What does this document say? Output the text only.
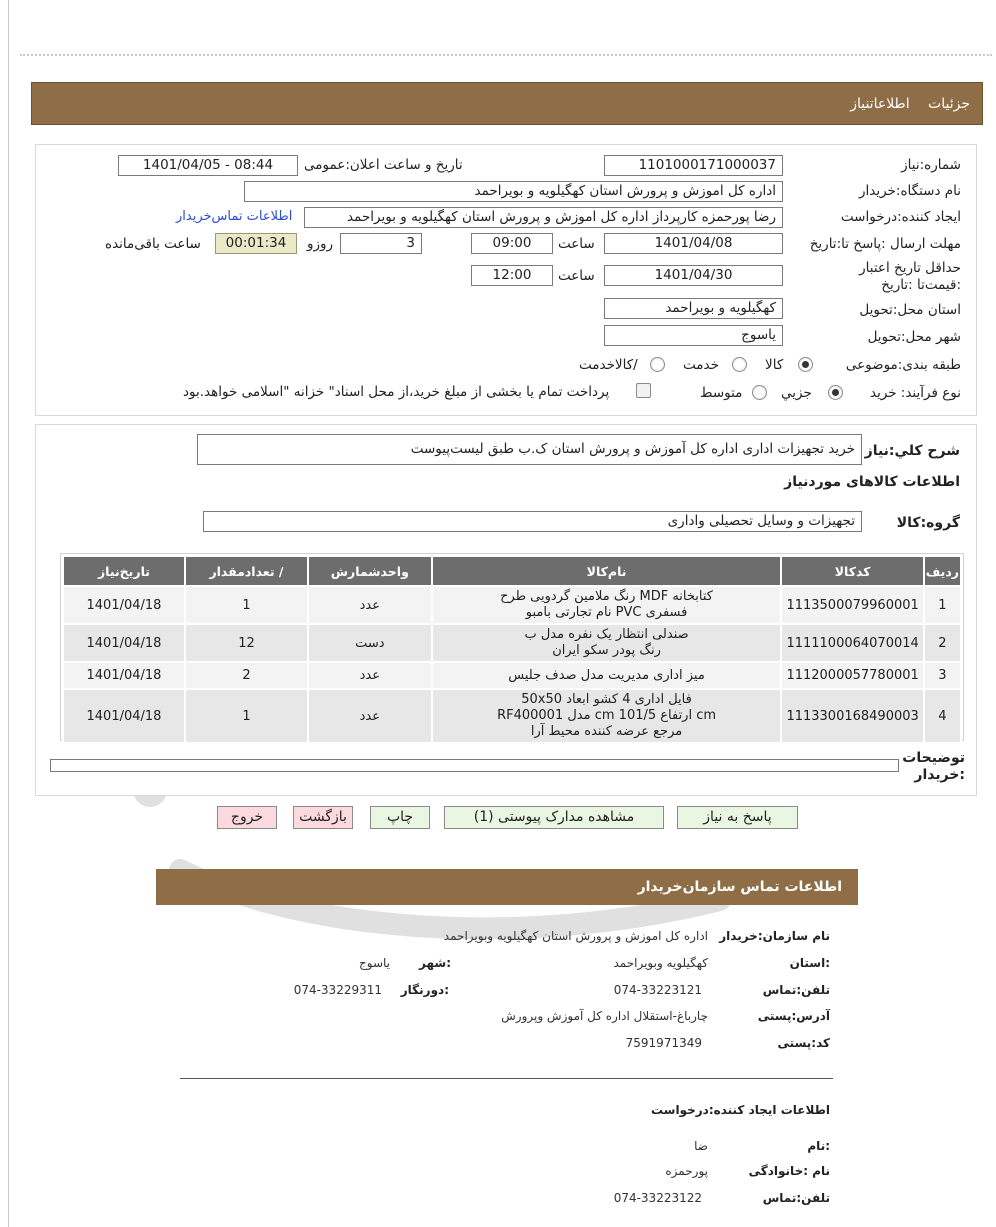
جزئیات اطلاعاتنیاز
شماره:نیاز
1101000171000037
تاریخ و ساعت اعلان:عمومی
1401/04/05 - 08:44
نام دستگاه:خریدار
اداره کل اموزش و پرورش استان کهگیلویه و بویراحمد
ایجاد کننده:درخواست
رضا پورحمزه کارپرداز اداره کل اموزش و پرورش استان کهگیلویه و بویراحمد
اطلاعات تماس‌خریدار
مهلت ارسال :پاسخ تا:تاریخ
1401/04/08
ساعت
09:00
3
روزو
00:01:34
ساعت باقی‌مانده
حداقل تاریخ اعتبار :قیمت‌تا :تاریخ
1401/04/30
ساعت
12:00
استان محل:تحویل
کهگیلویه و بویراحمد
شهر محل:تحویل
یاسوج
طبقه بندی:موضوعی
کالا
خدمت
/کالاخدمت
نوع فرآیند:
خرید
جزیي
متوسط
پرداخت تمام یا بخشی از مبلغ خرید،از محل اسناد" خزانه "اسلامی خواهد.بود
شرح کلي:نیاز
خرید تجهیزات اداری اداره کل آموزش و پرورش استان ک.ب طبق لیست‌پیوست
اطلاعات کالاهای موردنیاز
گروه:کالا
تجهیزات و وسایل تحصیلی واداری
ردیف	کدکالا	نام‌کالا	واحدشمارش	/ تعدادمقدار	تاریخ‌نیاز
1	1113500079960001	کتابخانه MDF رنگ ملامین گردویی طرح
فسفری PVC نام تجارتی بامبو	عدد	1	1401/04/18
2	1111100064070014	صندلی انتظار یک نفره مدل ب
رنگ پودر سکو ایران	دست	12	1401/04/18
3	1112000057780001	میز اداری مدیریت مدل صدف جلیس	عدد	2	1401/04/18
4	1113300168490003	فایل اداری 4 کشو ابعاد 50x50
cm ارتفاع 101/5 cm مدل RF400001
مرجع عرضه کننده محیط آرا	عدد	1	1401/04/18
توضیحات :خریدار
پاسخ به نیاز
مشاهده مدارک پیوستی (1)
چاپ
بازگشت
خروج
اطلاعات تماس سازمان‌خریدار
نام سازمان:خریدار
اداره کل اموزش و پرورش استان کهگیلویه وبویراحمد
:استان
کهگیلویه وبویراحمد
:شهر
یاسوج
تلفن:تماس
074-33223121
:دورنگار
074-33229311
آدرس:پستی
چارباغ-استقلال اداره کل آموزش وپرورش
کد:پستی
7591971349
اطلاعات ایجاد کننده:درخواست
:نام
ضا
نام :خانوادگی
پورحمزه
تلفن:تماس
074-33223122
